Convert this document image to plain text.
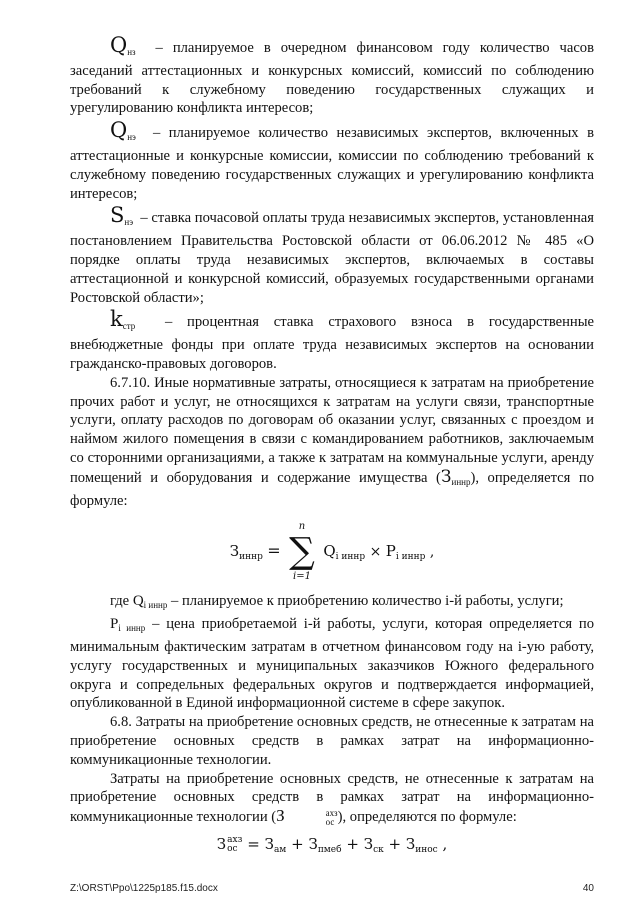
$Q_{нз}$ – планируемое в очередном финансовом году количество часов заседаний аттестационных и конкурсных комиссий, комиссий по соблюдению требований к служебному поведению государственных служащих и урегулированию конфликта интересов;

$Q_{нэ}$ – планируемое количество независимых экспертов, включенных в аттестационные и конкурсные комиссии, комиссии по соблюдению требований к служебному поведению государственных служащих и урегулированию конфликта интересов;

$S_{нэ}$ – ставка почасовой оплаты труда независимых экспертов, установленная постановлением Правительства Ростовской области от 06.06.2012 № 485 «О порядке оплаты труда независимых экспертов, включаемых в составы аттестационной и конкурсной комиссий, образуемых государственными органами Ростовской области»;

$k_{стр}$ – процентная ставка страхового взноса в государственные внебюджетные фонды при оплате труда независимых экспертов на основании гражданско-правовых договоров.

6.7.10. Иные нормативные затраты, относящиеся к затратам на приобретение прочих работ и услуг, не относящихся к затратам на услуги связи, транспортные услуги, оплату расходов по договорам об оказании услуг, связанных с проездом и наймом жилого помещения в связи с командированием работников, заключаемым со сторонними организациями, а также к затратам на коммунальные услуги, аренду помещений и оборудования и содержание имущества $(З_{иннр})$, определяется по формуле:

$З_{иннр}$ =
n
∑
i=1
$Q_{i иннр} \times P_{i иннр}$ ,

где $Q_{i иннр}$ – планируемое к приобретению количество i-й работы, услуги;

$P_{i иннр}$ – цена приобретаемой i-й работы, услуги, которая определяется по минимальным фактическим затратам в отчетном финансовом году на i-ую работу, услугу государственных и муниципальных заказчиков Южного федерального округа и сопредельных федеральных округов и подтверждается информацией, опубликованной в Единой информационной системе в сфере закупок.

6.8. Затраты на приобретение основных средств, не отнесенные к затратам на приобретение основных средств в рамках затрат на информационно-коммуникационные технологии.

Затраты на приобретение основных средств, не отнесенные к затратам на приобретение основных средств в рамках затрат на информационно-коммуникационные технологии (З	ахз
ос ), определяются по формуле:

З ахз
ос = $З_{ам} + З_{пмеб} + З_{ск} + З_{инос}$ ,
Z:\ORST\Ppo\1225p185.f15.docx	40
